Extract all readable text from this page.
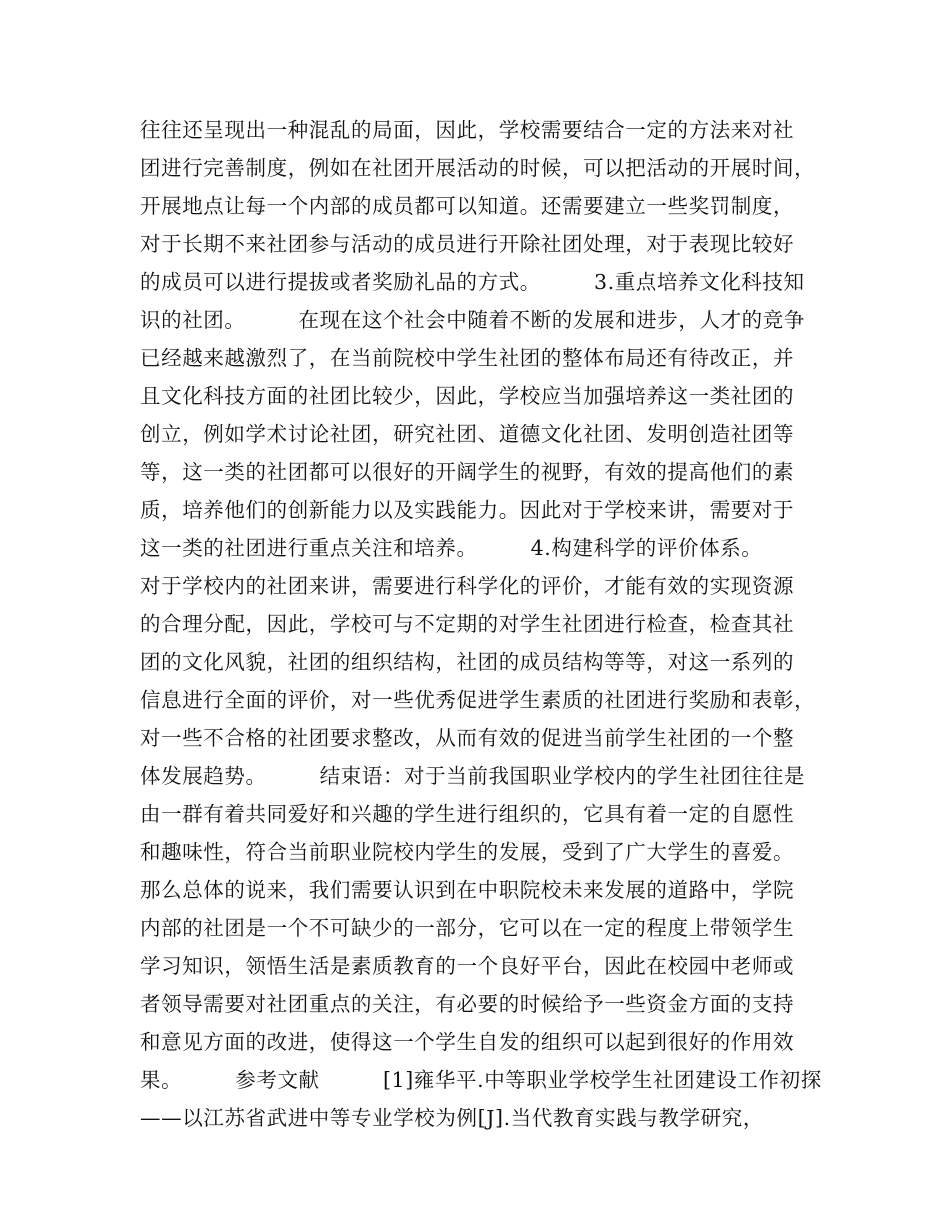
往往还呈现出一种混乱的局面，因此，学校需要结合一定的方法来对社
团进行完善制度，例如在社团开展活动的时候，可以把活动的开展时间，
开展地点让每一个内部的成员都可以知道。还需要建立一些奖罚制度，
对于长期不来社团参与活动的成员进行开除社团处理，对于表现比较好
的成员可以进行提拔或者奖励礼品的方式。　　　3.重点培养文化科技知
识的社团。　　　在现在这个社会中随着不断的发展和进步，人才的竞争
已经越来越激烈了，在当前院校中学生社团的整体布局还有待改正，并
且文化科技方面的社团比较少，因此，学校应当加强培养这一类社团的
创立，例如学术讨论社团，研究社团、道德文化社团、发明创造社团等
等，这一类的社团都可以很好的开阔学生的视野，有效的提高他们的素
质，培养他们的创新能力以及实践能力。因此对于学校来讲，需要对于
这一类的社团进行重点关注和培养。　　　4.构建科学的评价体系。
对于学校内的社团来讲，需要进行科学化的评价，才能有效的实现资源
的合理分配，因此，学校可与不定期的对学生社团进行检查，检查其社
团的文化风貌，社团的组织结构，社团的成员结构等等，对这一系列的
信息进行全面的评价，对一些优秀促进学生素质的社团进行奖励和表彰，
对一些不合格的社团要求整改，从而有效的促进当前学生社团的一个整
体发展趋势。　　　结束语：对于当前我国职业学校内的学生社团往往是
由一群有着共同爱好和兴趣的学生进行组织的，它具有着一定的自愿性
和趣味性，符合当前职业院校内学生的发展，受到了广大学生的喜爱。
那么总体的说来，我们需要认识到在中职院校未来发展的道路中，学院
内部的社团是一个不可缺少的一部分，它可以在一定的程度上带领学生
学习知识，领悟生活是素质教育的一个良好平台，因此在校园中老师或
者领导需要对社团重点的关注，有必要的时候给予一些资金方面的支持
和意见方面的改进，使得这一个学生自发的组织可以起到很好的作用效
果。　　　参考文献　　　[1]雍华平.中等职业学校学生社团建设工作初探
——以江苏省武进中等专业学校为例[J].当代教育实践与教学研究，
